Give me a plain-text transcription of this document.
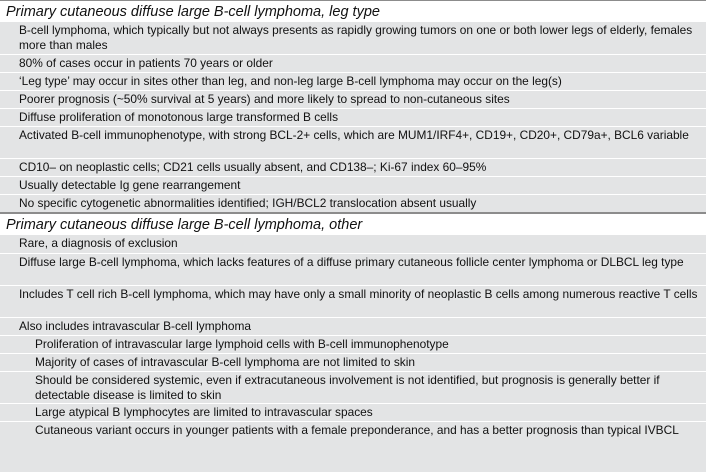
Primary cutaneous diffuse large B-cell lymphoma, leg type
B-cell lymphoma, which typically but not always presents as rapidly growing tumors on one or both lower legs of elderly, females more than males
80% of cases occur in patients 70 years or older
‘Leg type’ may occur in sites other than leg, and non-leg large B-cell lymphoma may occur on the leg(s)
Poorer prognosis (~50% survival at 5 years) and more likely to spread to non-cutaneous sites
Diffuse proliferation of monotonous large transformed B cells
Activated B-cell immunophenotype, with strong BCL-2+ cells, which are MUM1/IRF4+, CD19+, CD20+, CD79a+, BCL6 variable
CD10– on neoplastic cells; CD21 cells usually absent, and CD138–; Ki-67 index 60–95%
Usually detectable Ig gene rearrangement
No specific cytogenetic abnormalities identified; IGH/BCL2 translocation absent usually
Primary cutaneous diffuse large B-cell lymphoma, other
Rare, a diagnosis of exclusion
Diffuse large B-cell lymphoma, which lacks features of a diffuse primary cutaneous follicle center lymphoma or DLBCL leg type
Includes T cell rich B-cell lymphoma, which may have only a small minority of neoplastic B cells among numerous reactive T cells
Also includes intravascular B-cell lymphoma
Proliferation of intravascular large lymphoid cells with B-cell immunophenotype
Majority of cases of intravascular B-cell lymphoma are not limited to skin
Should be considered systemic, even if extracutaneous involvement is not identified, but prognosis is generally better if detectable disease is limited to skin
Large atypical B lymphocytes are limited to intravascular spaces
Cutaneous variant occurs in younger patients with a female preponderance, and has a better prognosis than typical IVBCL
